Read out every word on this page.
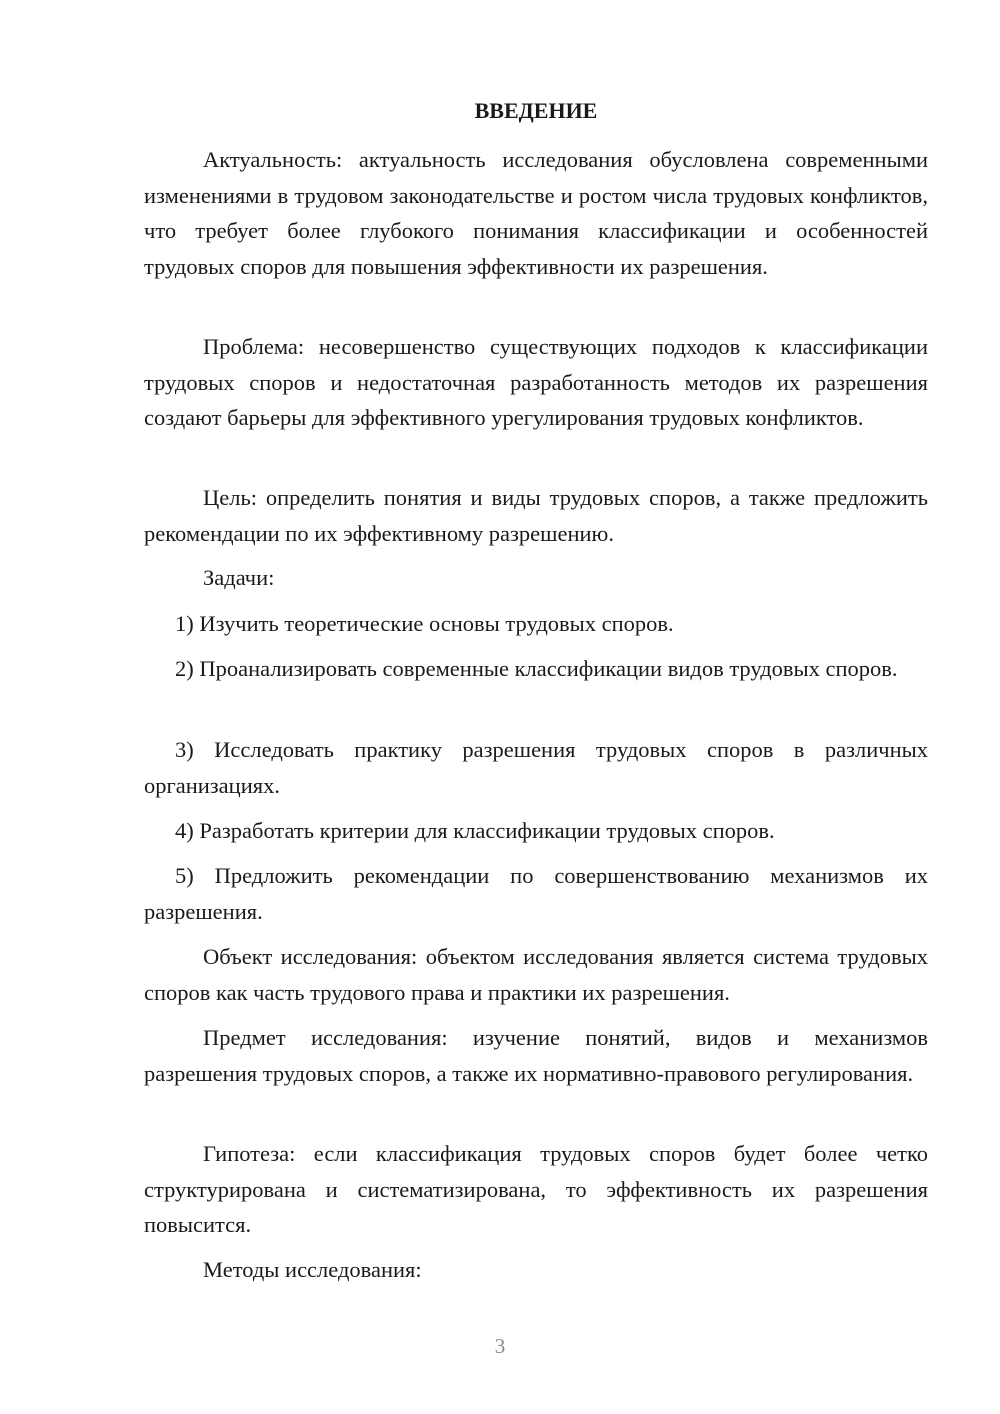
ВВЕДЕНИЕ

Актуальность: актуальность исследования обусловлена современными изменениями в трудовом законодательстве и ростом числа трудовых конфликтов, что требует более глубокого понимания классификации и особенностей трудовых споров для повышения эффективности их разрешения.

Проблема: несовершенство существующих подходов к классификации трудовых споров и недостаточная разработанность методов их разрешения создают барьеры для эффективного урегулирования трудовых конфликтов.

Цель: определить понятия и виды трудовых споров, а также предложить рекомендации по их эффективному разрешению.

Задачи:

1) Изучить теоретические основы трудовых споров.

2) Проанализировать современные классификации видов трудовых споров.

3) Исследовать практику разрешения трудовых споров в различных организациях.

4) Разработать критерии для классификации трудовых споров.

5) Предложить рекомендации по совершенствованию механизмов их разрешения.

Объект исследования: объектом исследования является система трудовых споров как часть трудового права и практики их разрешения.

Предмет исследования: изучение понятий, видов и механизмов разрешения трудовых споров, а также их нормативно-правового регулирования.

Гипотеза: если классификация трудовых споров будет более четко структурирована и систематизирована, то эффективность их разрешения повысится.

Методы исследования:

3
